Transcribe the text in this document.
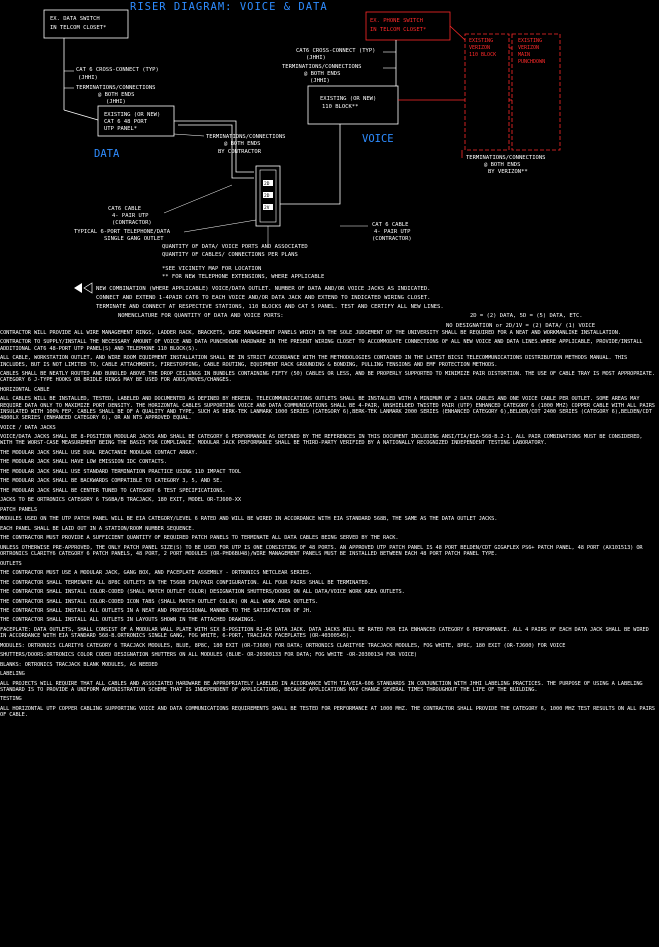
RISER DIAGRAM: VOICE & DATA
EX. DATA SWITCH
IN TELCOM CLOSET*
EX. PHONE SWITCH
IN TELCOM CLOSET*
EXISTING
VERIZON
110 BLOCK
EXISTING
VERIZON
MAIN
PUNCHDOWN
CAT 6 CROSS-CONNECT (TYP)
(JHHI)
TERMINATIONS/CONNECTIONS
@ BOTH ENDS
(JHHI)
EXISTING (OR NEW)
CAT 6 48 PORT
UTP PANEL*
DATA
CAT6 CROSS-CONNECT (TYP)
(JHHI)
TERMINATIONS/CONNECTIONS
@ BOTH ENDS
(JHHI)
EXISTING (OR NEW)
110 BLOCK**
VOICE
TERMINATIONS/CONNECTIONS
@ BOTH ENDS
BY CONTRACTOR
TERMINATIONS/CONNECTIONS
@ BOTH ENDS
BY VERIZON**
2D
2D
2V
CAT6 CABLE
4- PAIR UTP
(CONTRACTOR)
TYPICAL 6-PORT TELEPHONE/DATA
SINGLE GANG OUTLET
CAT 6 CABLE
4- PAIR UTP
(CONTRACTOR)
QUANTITY OF DATA/ VOICE PORTS AND ASSOCIATED
QUANTITY OF CABLES/ CONNECTIONS PER PLANS
*SEE VICINITY MAP FOR LOCATION
** FOR NEW TELEPHONE EXTENSIONS, WHERE APPLICABLE
NEW COMBINATION (WHERE APPLICABLE) VOICE/DATA OUTLET. NUMBER OF DATA AND/OR VOICE JACKS AS INDICATED.
CONNECT AND EXTEND 1-4PAIR CAT6 TO EACH VOICE AND/OR DATA JACK AND EXTEND TO INDICATED WIRING CLOSET.
TERMINATE AND CONNECT AT RESPECTIVE STATIONS, 110 BLOCKS AND CAT 5 PANEL. TEST AND CERTIFY ALL NEW LINES.
NOMENCLATURE FOR QUANTITY OF DATA AND VOICE PORTS:	2D = (2) DATA, 5D = (5) DATA, ETC.
NO DESIGNATION or 2D/1V = (2) DATA/ (1) VOICE

CONTRACTOR WILL PROVIDE ALL WIRE MANAGEMENT RINGS, LADDER RACK, BRACKETS, WIRE MANAGEMENT PANELS WHICH IN THE SOLE JUDGEMENT OF THE UNIVERSITY SHALL BE REQUIRED FOR A NEAT AND WORKMANLIKE INSTALLATION.

CONTRACTOR TO SUPPLY/INSTALL THE NECESSARY AMOUNT OF VOICE AND DATA PUNCHDOWN HARDWARE IN THE PRESENT WIRING CLOSET TO ACCOMMODATE CONNECTIONS OF ALL NEW VOICE AND DATA LINES.WHERE APPLICABLE, PROVIDE/INSTALL ADDITIONAL CAT6 48-PORT UTP PANEL(S) AND TELEPHONE 110 BLOCK(S).

ALL CABLE, WORKSTATION OUTLET, AND WIRE ROOM EQUIPMENT INSTALLATION SHALL BE IN STRICT ACCORDANCE WITH THE METHODOLOGIES CONTAINED IN THE LATEST BICSI TELECOMMUNICATIONS DISTRIBUTION METHODS MANUAL. THIS INCLUDES, BUT IS NOT LIMITED TO, CABLE ATTACHMENTS, FIRESTOPPING, CABLE ROUTING, EQUIPMENT RACK GROUNDING & BONDING, PULLING TENSIONS AND EMF PROTECTION METHODS.

CABLES SHALL BE NEATLY ROUTED AND BUNDLED ABOVE THE DROP CEILINGS IN BUNDLES CONTAINING FIFTY (50) CABLES OR LESS, AND BE PROPERLY SUPPORTED TO MINIMIZE PAIR DISTORTION. THE USE OF CABLE TRAY IS MOST APPROPRIATE. CATEGORY 6 J-TYPE HOOKS OR BRIDLE RINGS MAY BE USED FOR ADDS/MOVES/CHANGES.

HORIZONTAL CABLE

ALL CABLES WILL BE INSTALLED, TESTED, LABELED AND DOCUMENTED AS DEFINED BY HEREIN. TELECOMMUNICATIONS OUTLETS SHALL BE INSTALLED WITH A MINIMUM OF 2 DATA CABLES AND ONE VOICE CABLE PER OUTLET. SOME AREAS MAY REQUIRE DATA ONLY TO MAXIMIZE PORT DENSITY. THE HORIZONTAL CABLES SUPPORTING VOICE AND DATA COMMUNICATIONS SHALL BE 4-PAIR, UNSHIELDED TWISTED PAIR (UTP) ENHANCED CATEGORY 6 (1000 MHZ) COPPER CABLE WITH ALL PAIRS INSULATED WITH 100% FEP. CABLES SHALL BE OF A QUALITY AND TYPE, SUCH AS BERK-TEK LANMARK 1000 SERIES (CATEGORY 6),BERK-TEK LANMARK 2000 SERIES (ENHANCED CATEGORY 6),BELDEN/CDT 2400 SERIES (CATEGORY 6),BELDEN/CDT 4800LX SERIES (ENHANCED CATEGORY 6), OR AN NTS APPROVED EQUAL.

VOICE / DATA JACKS

VOICE/DATA JACKS SHALL BE 8-POSITION MODULAR JACKS AND SHALL BE CATEGORY 6 PERFORMANCE AS DEFINED BY THE REFERENCES IN THIS DOCUMENT INCLUDING ANSI/TIA/EIA-568-B.2-1. ALL PAIR COMBINATIONS MUST BE CONSIDERED, WITH THE WORST-CASE MEASUREMENT BEING THE BASIS FOR COMPLIANCE. MODULAR JACK PERFORMANCE SHALL BE THIRD-PARTY VERIFIED BY A NATIONALLY RECOGNIZED INDEPENDENT TESTING LABORATORY.

THE MODULAR JACK SHALL USE DUAL REACTANCE MODULAR CONTACT ARRAY.

THE MODULAR JACK SHALL HAVE LOW EMISSION IDC CONTACTS.

THE MODULAR JACK SHALL USE STANDARD TERMINATION PRACTICE USING 110 IMPACT TOOL

THE MODULAR JACK SHALL BE BACKWARDS COMPATIBLE TO CATEGORY 3, 5, AND 5E.

THE MODULAR JACK SHALL BE CENTER TUNED TO CATEGORY 6 TEST SPECIFICATIONS.

JACKS TO BE ORTRONICS CATEGORY 6 TS6BA/B TRACJACK, 180 EXIT, MODEL OR-TJ600-XX

PATCH PANELS

MODULES USED ON THE UTP PATCH PANEL WILL BE EIA CATEGORY/LEVEL 6 RATED AND WILL BE WIRED IN ACCORDANCE WITH EIA STANDARD 568B, THE SAME AS THE DATA OUTLET JACKS.

EACH PANEL SHALL BE LAID OUT IN A STATION/ROOM NUMBER SEQUENCE.

THE CONTRACTOR MUST PROVIDE A SUFFICIENT QUANTITY OF REQUIRED PATCH PANELS TO TERMINATE ALL DATA CABLES BEING SERVED BY THE RACK.

UNLESS OTHERWISE PRE-APPROVED, THE ONLY PATCH PANEL SIZE(S) TO BE USED FOR UTP IS ONE CONSISTING OF 48 PORTS. AN APPROVED UTP PATCH PANEL IS 48 PORT BELDEN/CDT GIGAFLEX PS6+ PATCH PANEL, 48 PORT (AX101513) OR ORTRONICS CLARITY6 CATEGORY 6 PATCH PANELS, 48 PORT, 2 PORT MODULES (OR-PHD6BU48)/WIRE MANAGEMENT PANELS MUST BE INSTALLED BETWEEN EACH 48 PORT PATCH PANEL TYPE.

OUTLETS

THE CONTRACTOR MUST USE A MODULAR JACK, GANG BOX, AND FACEPLATE ASSEMBLY - ORTRONICS NETCLEAR SERIES.

THE CONTRACTOR SHALL TERMINATE ALL 8P8C OUTLETS IN THE T568B PIN/PAIR CONFIGURATION. ALL FOUR PAIRS SHALL BE TERMINATED.

THE CONTRACTOR SHALL INSTALL COLOR-CODED (SHALL MATCH OUTLET COLOR) DESIGNATION SHUTTERS/DOORS ON ALL DATA/VOICE WORK AREA OUTLETS.

THE CONTRACTOR SHALL INSTALL COLOR-CODED ICON TABS (SHALL MATCH OUTLET COLOR) ON ALL WORK AREA OUTLETS.

THE CONTRACTOR SHALL INSTALL ALL OUTLETS IN A NEAT AND PROFESSIONAL MANNER TO THE SATISFACTION OF JH.

THE CONTRACTOR SHALL INSTALL ALL OUTLETS IN LAYOUTS SHOWN IN THE ATTACHED DRAWINGS.

FACEPLATE: DATA OUTLETS, SHALL CONSIST OF A MODULAR WALL PLATE WITH SIX 8-POSITION RJ-45 DATA JACK. DATA JACKS WILL BE RATED FOR EIA ENHANCED CATEGORY 6 PERFORMANCE. ALL 4 PAIRS OF EACH DATA JACK SHALL BE WIRED IN ACCORDANCE WITH EIA STANDARD 568-B.ORTRONICS SINGLE GANG, FOG WHITE, 6-PORT, TRACJACK FACEPLATES (OR-40300545).

MODULES: ORTRONICS CLARITY6 CATEGORY 6 TRACJACK MODULES, BLUE, 8P8C, 180 EXIT (OR-TJ600) FOR DATA; ORTRONICS CLARITY6E TRACJACK MODULES, FOG WHITE, 8P8C, 180 EXIT (OR-TJ600) FOR VOICE

SHUTTERS/DOORS:ORTRONICS COLOR CODED DESIGNATION SHUTTERS ON ALL MODULES (BLUE- OR-20300133 FOR DATA; FOG WHITE -OR-20300134 FOR VOICE)

BLANKS: ORTRONICS TRACJACK BLANK MODULES, AS NEEDED

LABELING

ALL PROJECTS WILL REQUIRE THAT ALL CABLES AND ASSOCIATED HARDWARE BE APPROPRIATELY LABELED IN ACCORDANCE WITH TIA/EIA-606 STANDARDS IN CONJUNCTION WITH JHHI LABELING PRACTICES. THE PURPOSE OF USING A LABELING STANDARD IS TO PROVIDE A UNIFORM ADMINISTRATION SCHEME THAT IS INDEPENDENT OF APPLICATIONS, BECAUSE APPLICATIONS MAY CHANGE SEVERAL TIMES THROUGHOUT THE LIFE OF THE BUILDING.

TESTING

ALL HORIZONTAL UTP COPPER CABLING SUPPORTING VOICE AND DATA COMMUNICATIONS REQUIREMENTS SHALL BE TESTED FOR PERFORMANCE AT 1000 MHZ. THE CONTRACTOR SHALL PROVIDE THE CATEGORY 6, 1000 MHZ TEST RESULTS ON ALL PAIRS OF CABLE.
